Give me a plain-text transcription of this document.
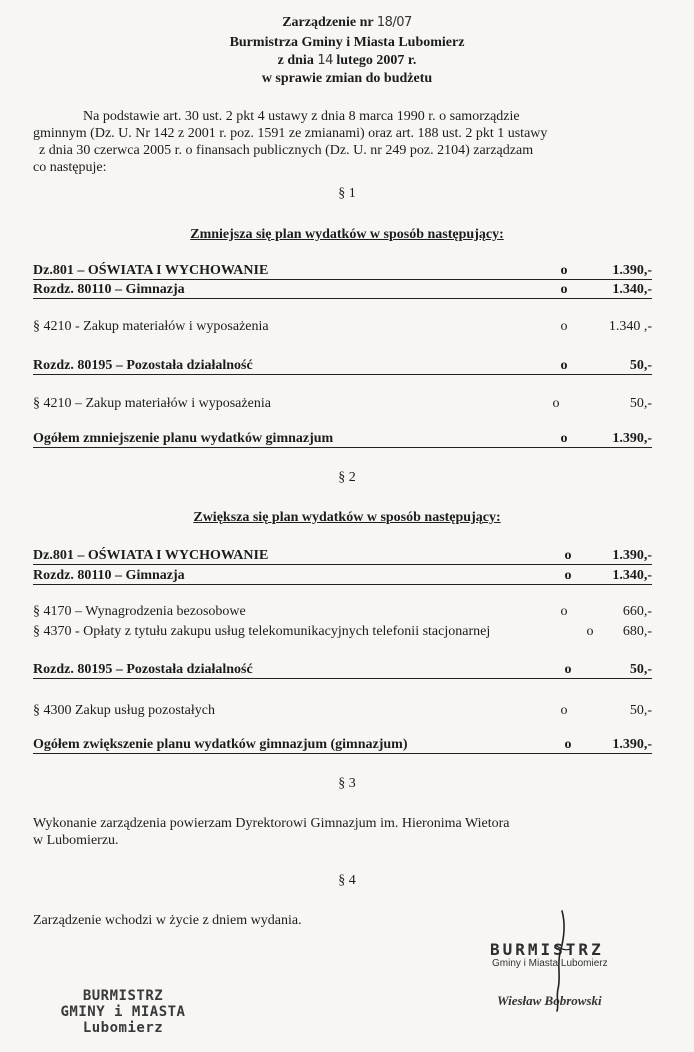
Zarządzenie nr 18/07
Burmistrza Gminy i Miasta Lubomierz
z dnia 14 lutego 2007 r.
w sprawie zmian do budżetu
Na podstawie art. 30 ust. 2 pkt 4 ustawy z dnia 8 marca 1990 r. o samorządzie
gminnym (Dz. U. Nr 142 z 2001 r. poz. 1591 ze zmianami) oraz art. 188 ust. 2 pkt 1 ustawy
z dnia 30 czerwca 2005 r. o finansach publicznych (Dz. U. nr 249 poz. 2104) zarządzam
co następuje:
§ 1
Zmniejsza się plan wydatków w sposób następujący:
Dz.801 – OŚWIATA I WYCHOWANIE	o	1.390,-
Rozdz. 80110 – Gimnazja	o	1.340,-
§ 4210 - Zakup materiałów i wyposażenia	o	1.340 ,-
Rozdz. 80195 – Pozostała działalność	o	50,-
§ 4210 – Zakup materiałów i wyposażenia	o	50,-
Ogółem zmniejszenie planu wydatków gimnazjum	o	1.390,-
§ 2
Zwiększa się plan wydatków w sposób następujący:
Dz.801 – OŚWIATA I WYCHOWANIE	o	1.390,-
Rozdz. 80110 – Gimnazja	o	1.340,-
§ 4170 – Wynagrodzenia bezosobowe	o	660,-
§ 4370 - Opłaty z tytułu zakupu usług telekomunikacyjnych telefonii stacjonarnej	o 680,-
Rozdz. 80195 – Pozostała działalność	o	50,-
§ 4300 Zakup usług pozostałych	o	50,-
Ogółem zwiększenie planu wydatków gimnazjum (gimnazjum)	o	1.390,-
§ 3
Wykonanie zarządzenia powierzam Dyrektorowi Gimnazjum im. Hieronima Wietora
w Lubomierzu.
§ 4
Zarządzenie wchodzi w życie z dniem wydania.
BURMISTRZ
GMINY i MIASTA
Lubomierz
BURMISTRZ
Gminy i Miasta Lubomierz
Wiesław Bobrowski
